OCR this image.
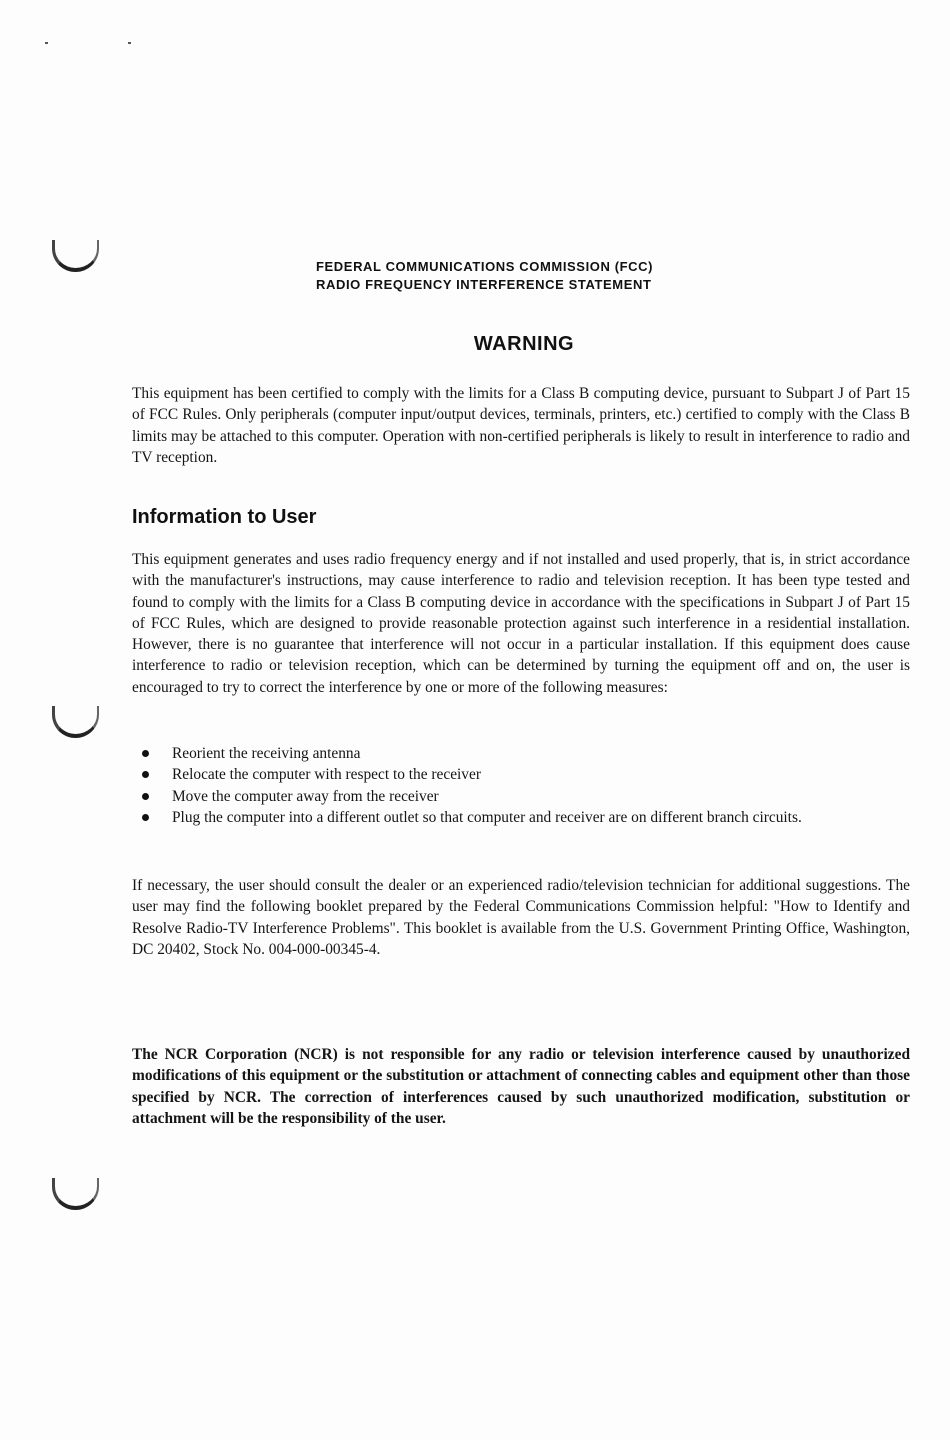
FEDERAL COMMUNICATIONS COMMISSION (FCC)
RADIO FREQUENCY INTERFERENCE STATEMENT
WARNING
This equipment has been certified to comply with the limits for a Class B computing device, pursuant to Subpart J of Part 15 of FCC Rules. Only peripherals (computer input/output devices, terminals, printers, etc.) certified to comply with the Class B limits may be attached to this computer. Operation with non-certified peripherals is likely to result in interference to radio and TV reception.
Information to User
This equipment generates and uses radio frequency energy and if not installed and used properly, that is, in strict accordance with the manufacturer's instructions, may cause interference to radio and television reception. It has been type tested and found to comply with the limits for a Class B computing device in accordance with the specifications in Subpart J of Part 15 of FCC Rules, which are designed to provide reasonable protection against such interference in a residential installation. However, there is no guarantee that interference will not occur in a particular installation. If this equipment does cause interference to radio or television reception, which can be determined by turning the equipment off and on, the user is encouraged to try to correct the interference by one or more of the following measures:
Reorient the receiving antenna
Relocate the computer with respect to the receiver
Move the computer away from the receiver
Plug the computer into a different outlet so that computer and receiver are on different branch circuits.
If necessary, the user should consult the dealer or an experienced radio/television technician for additional suggestions. The user may find the following booklet prepared by the Federal Communications Commission helpful: "How to Identify and Resolve Radio-TV Interference Problems". This booklet is available from the U.S. Government Printing Office, Washington, DC 20402, Stock No. 004-000-00345-4.
The NCR Corporation (NCR) is not responsible for any radio or television interference caused by unauthorized modifications of this equipment or the substitution or attachment of connecting cables and equipment other than those specified by NCR. The correction of interferences caused by such unauthorized modification, substitution or attachment will be the responsibility of the user.
